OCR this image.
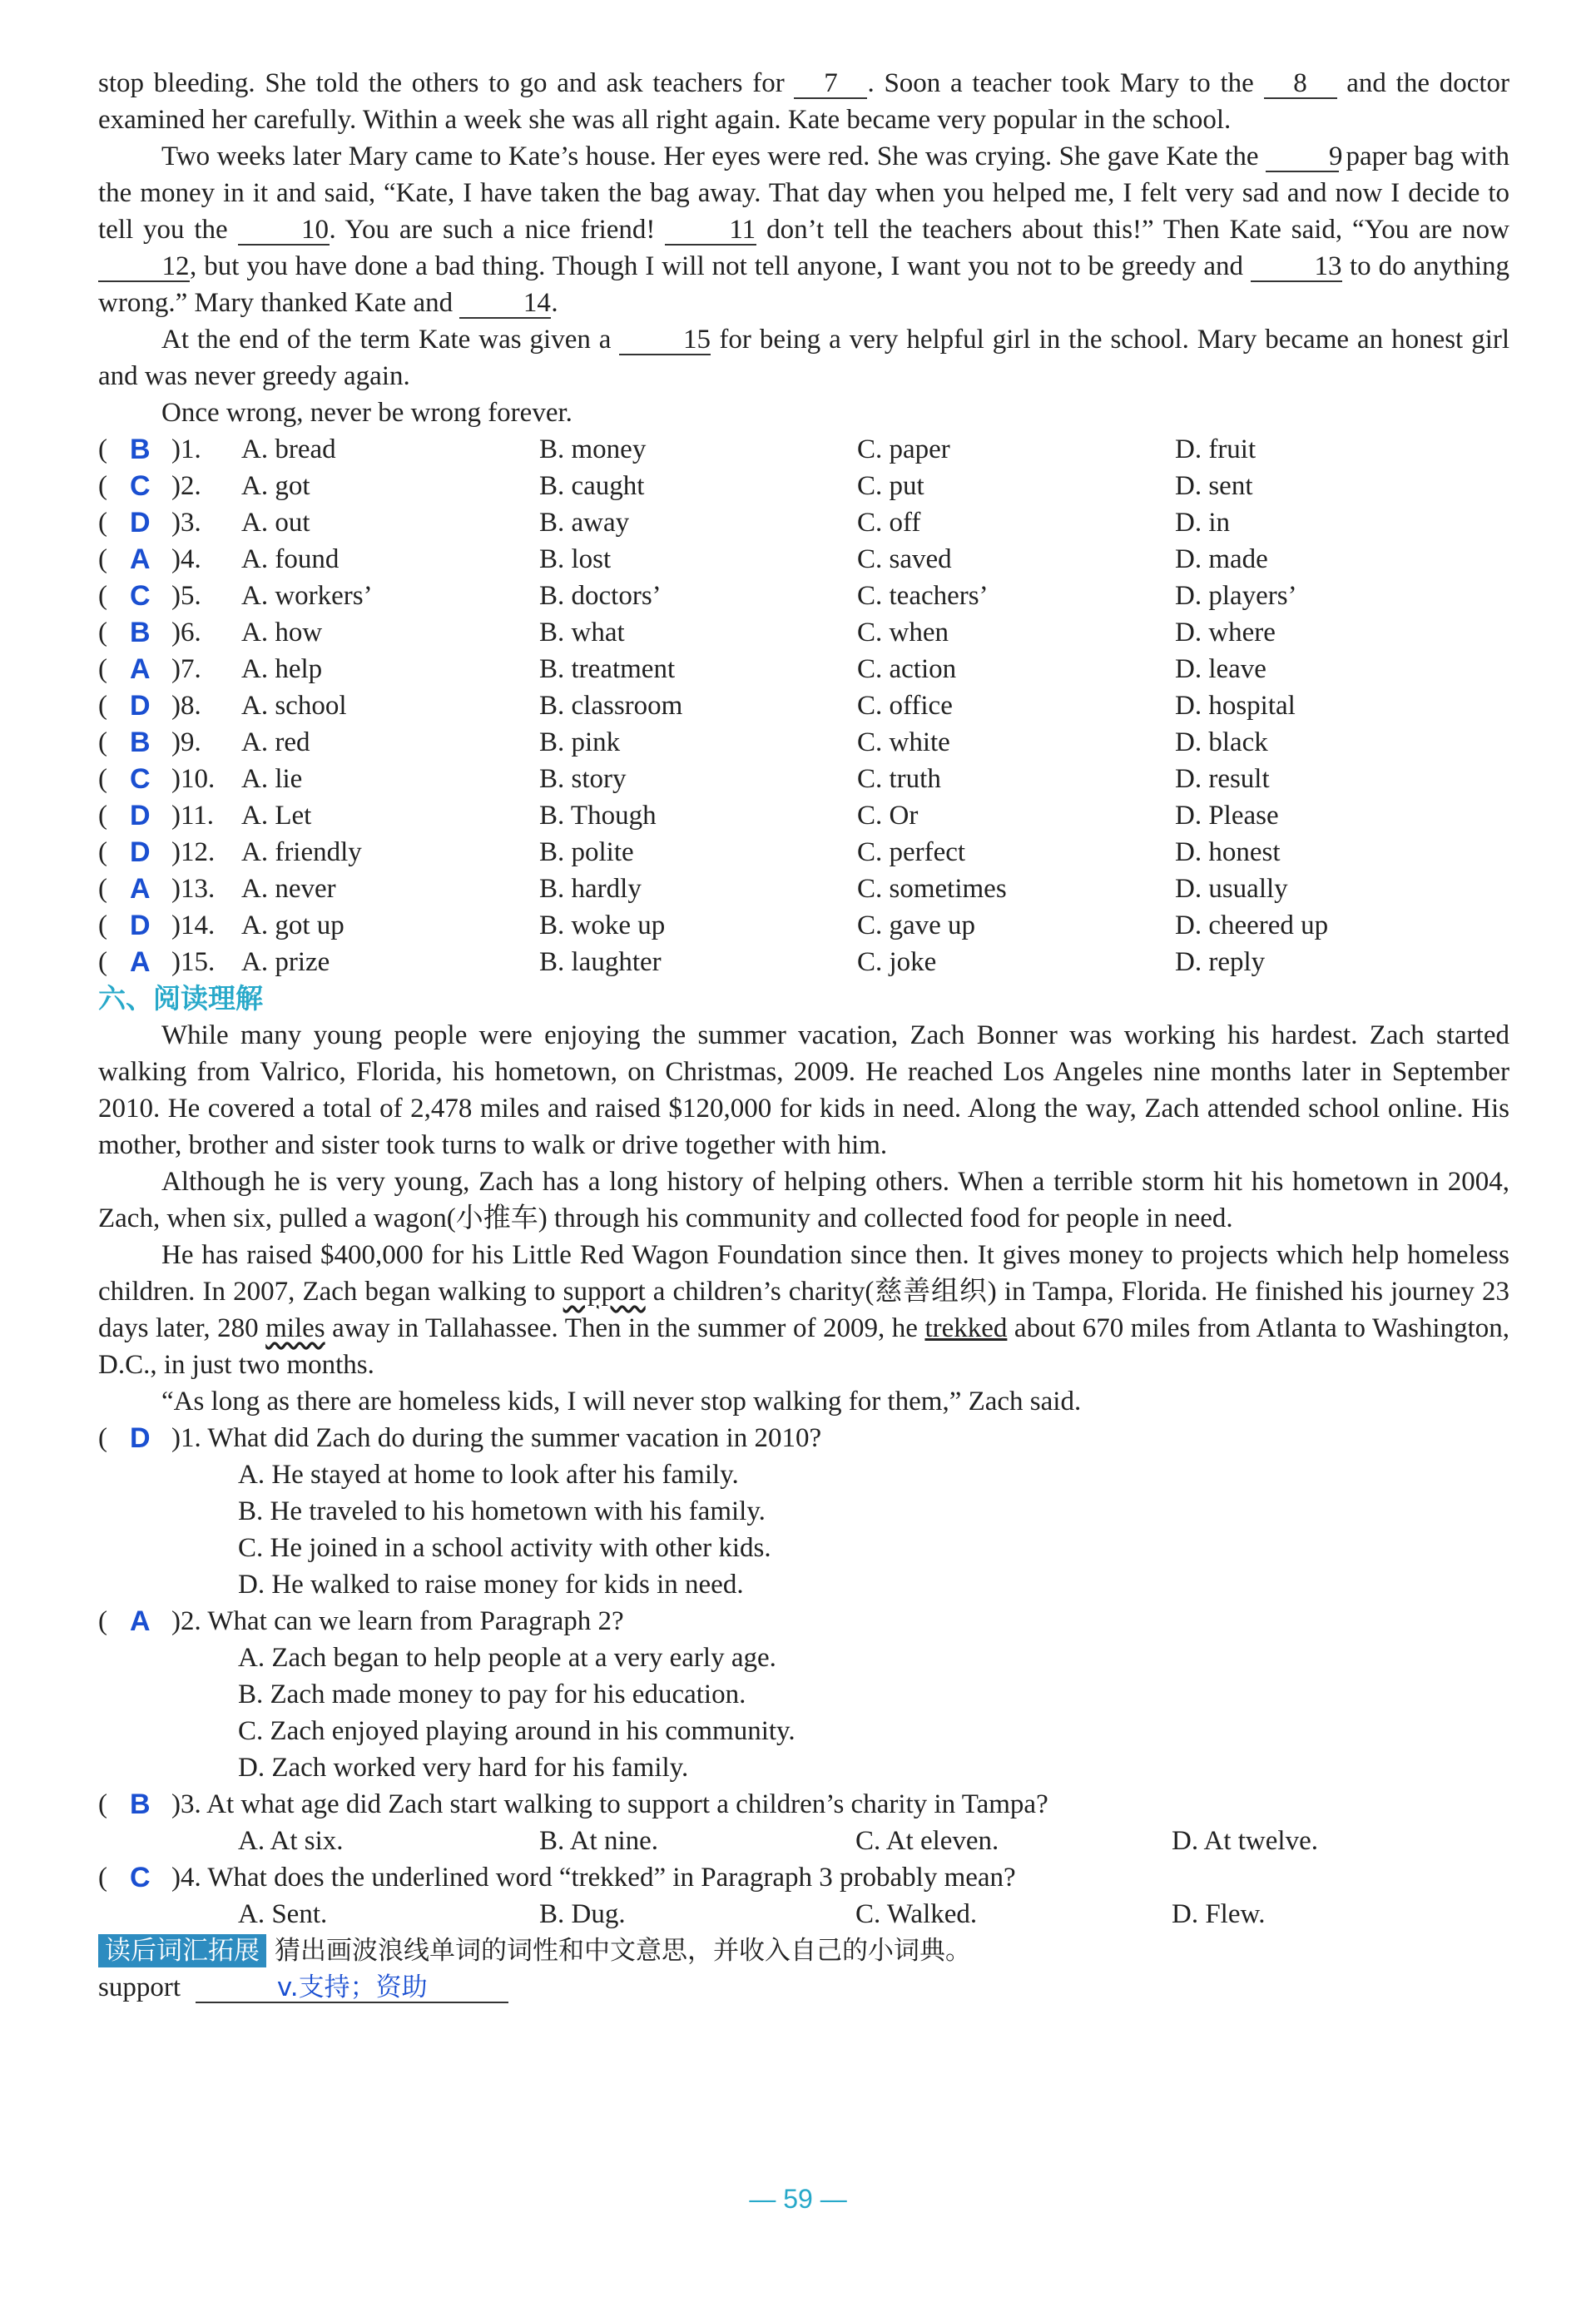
stop bleeding. She told the others to go and ask teachers for 7 . Soon a teacher took Mary to the 8 and the doctor examined her carefully. Within a week she was all right again. Kate became very popular in the school.
Two weeks later Mary came to Kate’s house. Her eyes were red. She was crying. She gave Kate the	9 paper bag with the money in it and said, “Kate, I have taken the bag away. That day when you helped me, I felt very sad and now I decide to tell you the	10. You are such a nice friend!	11 don’t tell the teachers about this!” Then Kate said, “You are now 12, but you have done a bad thing. Though I will not tell anyone, I want you not to be greedy and	13 to do anything wrong.” Mary thanked Kate and	14.
At the end of the term Kate was given a	15 for being a very helpful girl in the school. Mary became an honest girl and was never greedy again.
Once wrong, never be wrong forever.
( B )1. A. bread	B. money	C. paper	D. fruit
( C )2. A. got	B. caught	C. put	D. sent
( D )3. A. out	B. away	C. off	D. in
( A )4. A. found	B. lost	C. saved	D. made
( C )5. A. workers’	B. doctors’	C. teachers’	D. players’
( B )6. A. how	B. what	C. when	D. where
( A )7. A. help	B. treatment	C. action	D. leave
( D )8. A. school	B. classroom	C. office	D. hospital
( B )9. A. red	B. pink	C. white	D. black
( C )10. A. lie	B. story	C. truth	D. result
( D )11. A. Let	B. Though	C. Or	D. Please
( D )12. A. friendly	B. polite	C. perfect	D. honest
( A )13. A. never	B. hardly	C. sometimes	D. usually
( D )14. A. got up	B. woke up	C. gave up	D. cheered up
( A )15. A. prize	B. laughter	C. joke	D. reply
六、阅读理解
While many young people were enjoying the summer vacation, Zach Bonner was working his hardest. Zach started walking from Valrico, Florida, his hometown, on Christmas, 2009. He reached Los Angeles nine months later in September 2010. He covered a total of 2,478 miles and raised $120,000 for kids in need. Along the way, Zach attended school online. His mother, brother and sister took turns to walk or drive together with him.
Although he is very young, Zach has a long history of helping others. When a terrible storm hit his hometown in 2004, Zach, when six, pulled a wagon(小推车) through his community and collected food for people in need.
He has raised $400,000 for his Little Red Wagon Foundation since then. It gives money to projects which help homeless children. In 2007, Zach began walking to support a children’s charity(慈善组织) in Tampa, Florida. He finished his journey 23 days later, 280 miles away in Tallahassee. Then in the summer of 2009, he trekked about 670 miles from Atlanta to Washington, D.C., in just two months.
“As long as there are homeless kids, I will never stop walking for them,” Zach said.
( D )1. What did Zach do during the summer vacation in 2010?
A. He stayed at home to look after his family.
B. He traveled to his hometown with his family.
C. He joined in a school activity with other kids.
D. He walked to raise money for kids in need.
( A )2. What can we learn from Paragraph 2?
A. Zach began to help people at a very early age.
B. Zach made money to pay for his education.
C. Zach enjoyed playing around in his community.
D. Zach worked very hard for his family.
( B )3. At what age did Zach start walking to support a children’s charity in Tampa?
A. At six.	B. At nine.	C. At eleven.	D. At twelve.
( C )4. What does the underlined word “trekked” in Paragraph 3 probably mean?
A. Sent.	B. Dug.	C. Walked.	D. Flew.
读后词汇拓展 猜出画波浪线单词的词性和中文意思，并收入自己的小词典。
support	v.支持；资助
— 59 —
